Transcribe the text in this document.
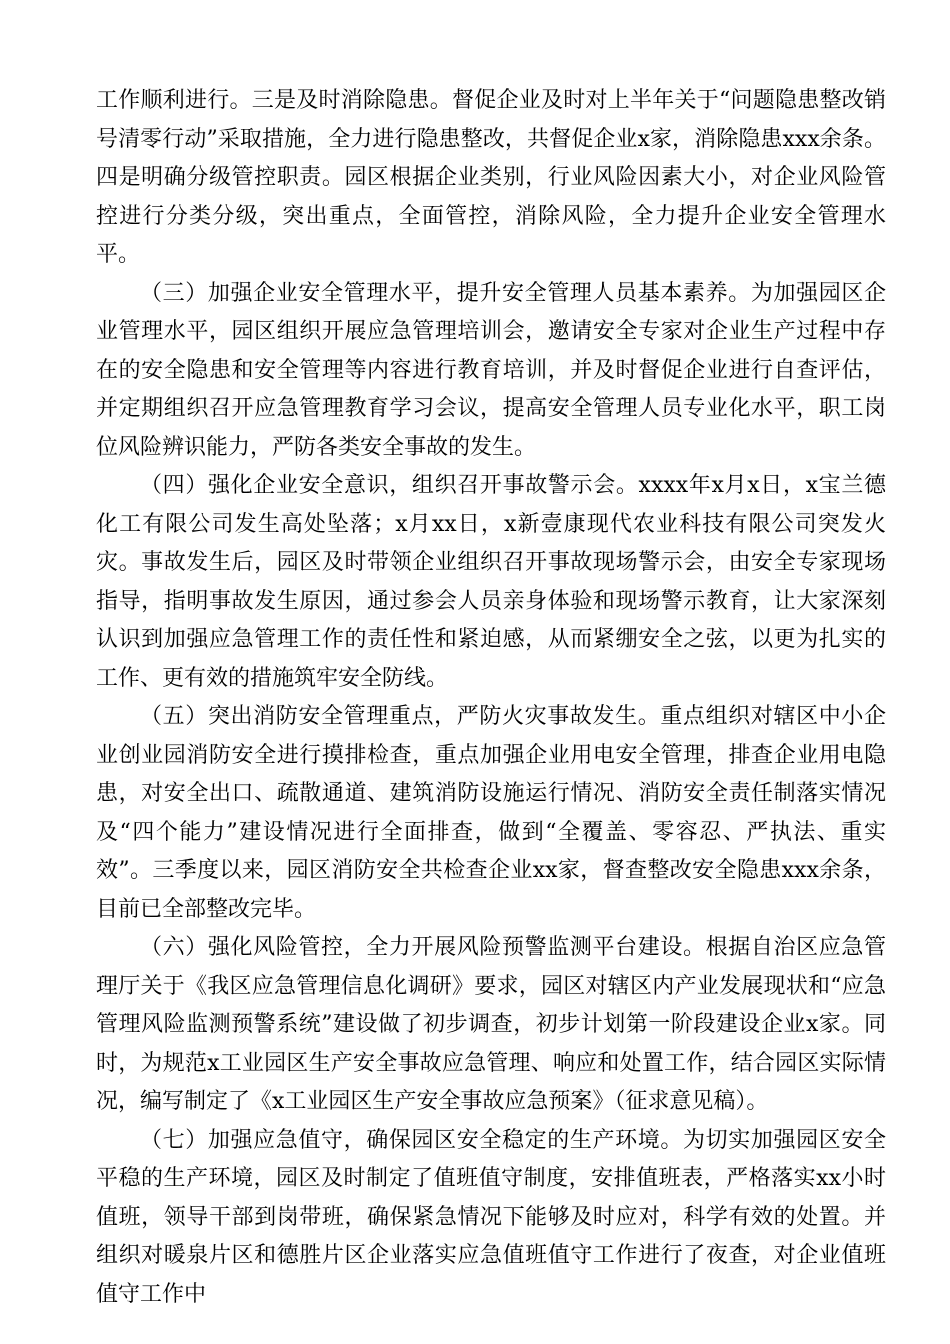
工作顺利进行。三是及时消除隐患。督促企业及时对上半年关于“问题隐患整改销号清零行动”采取措施，全力进行隐患整改，共督促企业x家，消除隐患xxx余条。四是明确分级管控职责。园区根据企业类别，行业风险因素大小，对企业风险管控进行分类分级，突出重点，全面管控，消除风险，全力提升企业安全管理水平。

（三）加强企业安全管理水平，提升安全管理人员基本素养。为加强园区企业管理水平，园区组织开展应急管理培训会，邀请安全专家对企业生产过程中存在的安全隐患和安全管理等内容进行教育培训，并及时督促企业进行自查评估，并定期组织召开应急管理教育学习会议，提高安全管理人员专业化水平，职工岗位风险辨识能力，严防各类安全事故的发生。

（四）强化企业安全意识，组织召开事故警示会。xxxx年x月x日，x宝兰德化工有限公司发生高处坠落；x月xx日，x新壹康现代农业科技有限公司突发火灾。事故发生后，园区及时带领企业组织召开事故现场警示会，由安全专家现场指导，指明事故发生原因，通过参会人员亲身体验和现场警示教育，让大家深刻认识到加强应急管理工作的责任性和紧迫感，从而紧绷安全之弦，以更为扎实的工作、更有效的措施筑牢安全防线。

（五）突出消防安全管理重点，严防火灾事故发生。重点组织对辖区中小企业创业园消防安全进行摸排检查，重点加强企业用电安全管理，排查企业用电隐患，对安全出口、疏散通道、建筑消防设施运行情况、消防安全责任制落实情况及“四个能力”建设情况进行全面排查，做到“全覆盖、零容忍、严执法、重实效”。三季度以来，园区消防安全共检查企业xx家，督查整改安全隐患xxx余条，目前已全部整改完毕。

（六）强化风险管控，全力开展风险预警监测平台建设。根据自治区应急管理厅关于《我区应急管理信息化调研》要求，园区对辖区内产业发展现状和“应急管理风险监测预警系统”建设做了初步调查，初步计划第一阶段建设企业x家。同时，为规范x工业园区生产安全事故应急管理、响应和处置工作，结合园区实际情况，编写制定了《x工业园区生产安全事故应急预案》（征求意见稿）。

（七）加强应急值守，确保园区安全稳定的生产环境。为切实加强园区安全平稳的生产环境，园区及时制定了值班值守制度，安排值班表，严格落实xx小时值班，领导干部到岗带班，确保紧急情况下能够及时应对，科学有效的处置。并组织对暖泉片区和德胜片区企业落实应急值班值守工作进行了夜查，对企业值班值守工作中
